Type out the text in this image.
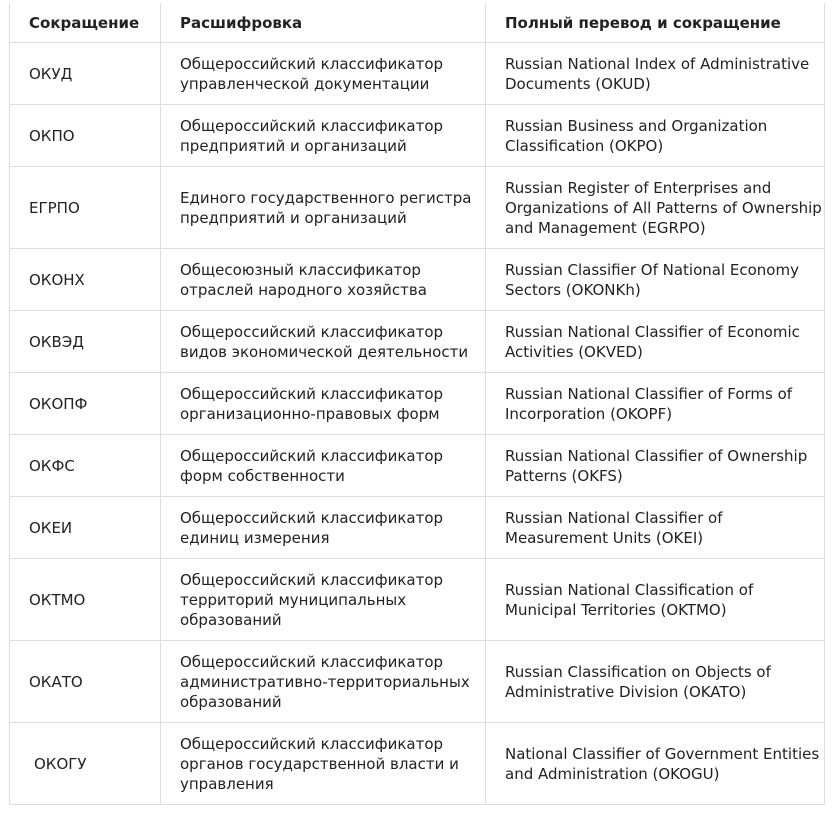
Сокращение	Расшифровка	Полный перевод и сокращение
ОКУД	Общероссийский классификатор управленческой документации	Russian National Index of Administrative Documents (OKUD)
ОКПО	Общероссийский классификатор предприятий и организаций	Russian Business and Organization Classification (OKPO)
ЕГРПО	Единого государственного регистра предприятий и организаций	Russian Register of Enterprises and Organizations of All Patterns of Ownership and Management (EGRPO)
ОКОНХ	Общесоюзный классификатор отраслей народного хозяйства	Russian Classifier Of National Economy Sectors (OKONKh)
ОКВЭД	Общероссийский классификатор видов экономической деятельности	Russian National Classifier of Economic Activities (OKVED)
ОКОПФ	Общероссийский классификатор организационно-правовых форм	Russian National Classifier of Forms of Incorporation (OKOPF)
ОКФС	Общероссийский классификатор форм собственности	Russian National Classifier of Ownership Patterns (OKFS)
ОКЕИ	Общероссийский классификатор единиц измерения	Russian National Classifier of Measurement Units (OKEI)
ОКТМО	Общероссийский классификатор территорий муниципальных образований	Russian National Classification of Municipal Territories (OKTMO)
ОКАТО	Общероссийский классификатор административно-территориальных образований	Russian Classification on Objects of Administrative Division (OKATO)
ОКОГУ	Общероссийский классификатор органов государственной власти и управления	National Classifier of Government Entities and Administration (OKOGU)
